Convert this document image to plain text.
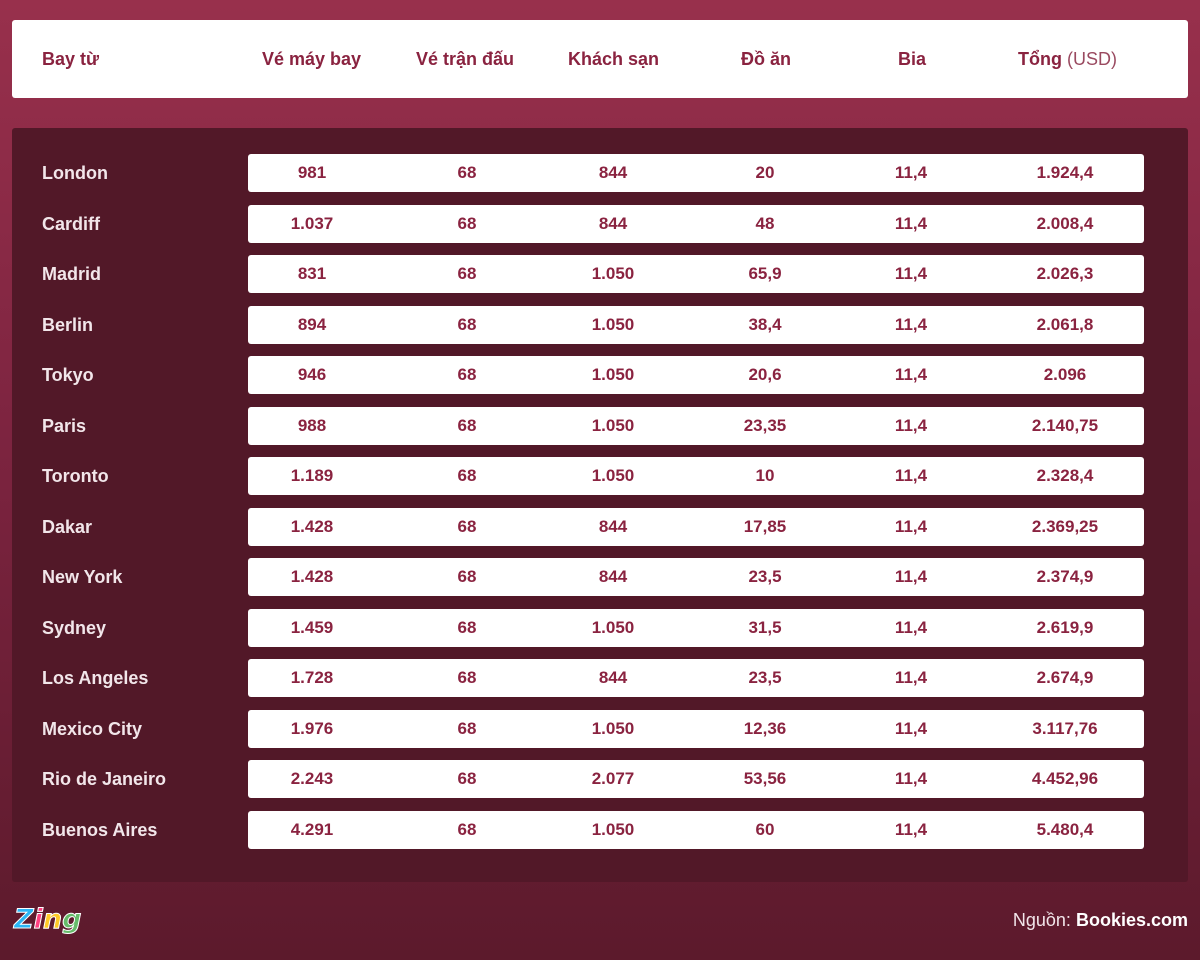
Bay từ	Vé máy bay	Vé trận đấu	Khách sạn	Đồ ăn	Bia	Tổng (USD)
London	981	68	844	20	11,4	1.924,4
Cardiff	1.037	68	844	48	11,4	2.008,4
Madrid	831	68	1.050	65,9	11,4	2.026,3
Berlin	894	68	1.050	38,4	11,4	2.061,8
Tokyo	946	68	1.050	20,6	11,4	2.096
Paris	988	68	1.050	23,35	11,4	2.140,75
Toronto	1.189	68	1.050	10	11,4	2.328,4
Dakar	1.428	68	844	17,85	11,4	2.369,25
New York	1.428	68	844	23,5	11,4	2.374,9
Sydney	1.459	68	1.050	31,5	11,4	2.619,9
Los Angeles	1.728	68	844	23,5	11,4	2.674,9
Mexico City	1.976	68	1.050	12,36	11,4	3.117,76
Rio de Janeiro	2.243	68	2.077	53,56	11,4	4.452,96
Buenos Aires	4.291	68	1.050	60	11,4	5.480,4
Zing	Nguồn: Bookies.com
